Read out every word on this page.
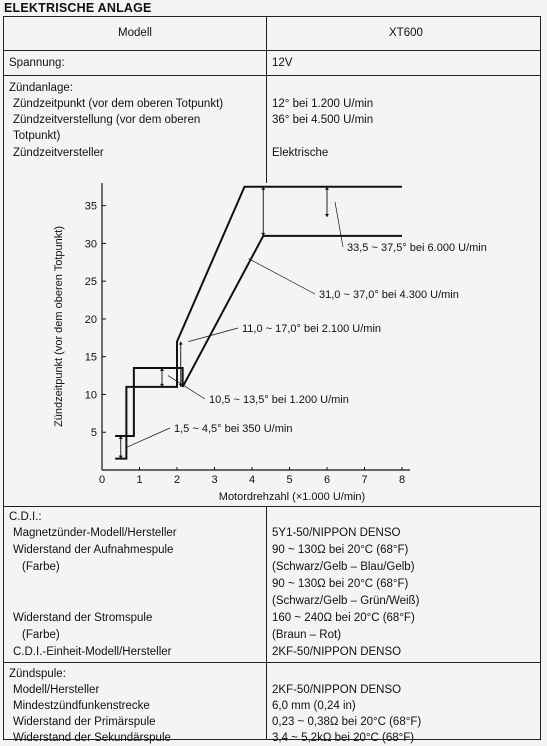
ELEKTRISCHE ANLAGE
Modell	XT600
Spannung:	12V
Zündanlage:
Zündzeitpunkt (vor dem oberen Totpunkt)	12° bei 1.200 U/min
Zündzeitverstellung (vor dem oberen
Totpunkt)
36° bei 4.500 U/min
Zündzeitversteller	Elektrische
0	1	2	3	4	5	6	7	8
5
10
15
20
25
30
35
Motordrehzahl (×1.000 U/min)
Zündzeitpunkt (vor dem oberen Totpunkt)	33,5 ~ 37,5° bei 6.000 U/min
31,0 ~ 37,0° bei 4.300 U/min
11,0 ~ 17,0° bei 2.100 U/min
10,5 ~ 13,5° bei 1.200 U/min
1,5 ~ 4,5° bei 350 U/min
C.D.I.:
Magnetzünder-Modell/Hersteller	5Y1-50/NIPPON DENSO
Widerstand der Aufnahmespule	90 ~ 130Ω bei 20°C (68°F)
(Farbe)	(Schwarz/Gelb – Blau/Gelb)
90 ~ 130Ω bei 20°C (68°F)
(Schwarz/Gelb – Grün/Weiß)
Widerstand der Stromspule	160 ~ 240Ω bei 20°C (68°F)
(Farbe)	(Braun – Rot)
C.D.I.-Einheit-Modell/Hersteller	2KF-50/NIPPON DENSO
Zündspule:
Modell/Hersteller	2KF-50/NIPPON DENSO
Mindestzündfunkenstrecke	6,0 mm (0,24 in)
Widerstand der Primärspule	0,23 ~ 0,38Ω bei 20°C (68°F)
Widerstand der Sekundärspule	3,4 ~ 5,2kΩ bei 20°C (68°F)
